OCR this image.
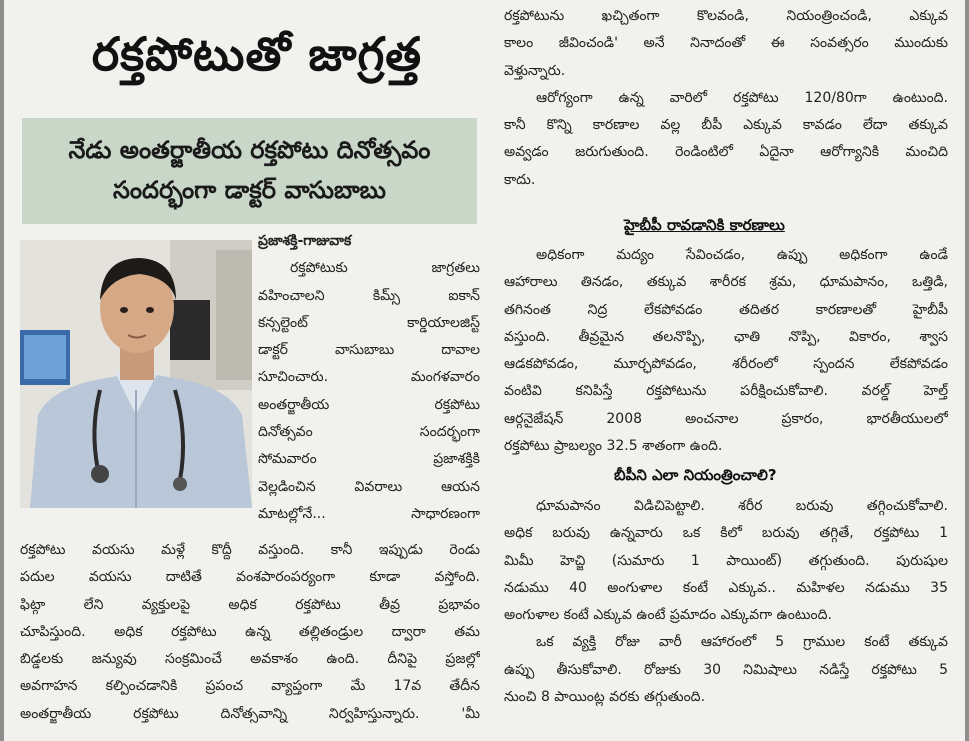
రక్తపోటుతో జాగ్రత్త
నేడు అంతర్జాతీయ రక్తపోటు దినోత్సవం
సందర్భంగా డాక్టర్ వాసుబాబు
ప్రజాశక్తి-గాజువాక
రక్తపోటుకు జాగ్రతలు
వహించాలని కిమ్స్ ఐకాన్
కన్సల్టెంట్ కార్డియాలజిస్ట్
డాక్టర్ వాసుబాబు దావాల
సూచించారు. మంగళవారం
అంతర్జాతీయ రక్తపోటు
దినోత్సవం సందర్భంగా
సోమవారం ప్రజాశక్తికి
వెల్లడించిన వివరాలు ఆయన
మాటల్లోనే... సాధారణంగా
రక్తపోటు వయసు మళ్లే కొద్దీ వస్తుంది. కానీ ఇప్పుడు రెండు
పదుల వయసు దాటితే వంశపారంపర్యంగా కూడా వస్తోంది.
ఫిట్గా లేని వ్యక్తులపై అధిక రక్తపోటు తీవ్ర ప్రభావం
చూపిస్తుంది. అధిక రక్తపోటు ఉన్న తల్లితండ్రుల ద్వారా తమ
బిడ్డలకు జన్యువు సంక్రమించే అవకాశం ఉంది. దీనిపై ప్రజల్లో
అవగాహన కల్పించడానికి ప్రపంచ వ్యాప్తంగా మే 17వ తేదీన
అంతర్జాతీయ రక్తపోటు దినోత్సవాన్ని నిర్వహిస్తున్నారు. 'మీ
రక్తపోటును ఖచ్చితంగా కొలవండి, నియంత్రించండి, ఎక్కువ
కాలం జీవించండి' అనే నినాదంతో ఈ సంవత్సరం ముందుకు
వెళ్తున్నారు.
ఆరోగ్యంగా ఉన్న వారిలో రక్తపోటు 120/80గా ఉంటుంది.
కానీ కొన్ని కారణాల వల్ల బీపీ ఎక్కువ కావడం లేదా తక్కువ
అవ్వడం జరుగుతుంది. రెండింటిలో ఏదైనా ఆరోగ్యానికి మంచిది
కాదు.
హైబీపీ రావడానికి కారణాలు
అధికంగా మద్యం సేవించడం, ఉప్పు అధికంగా ఉండే
ఆహారాలు తినడం, తక్కువ శారీరక శ్రమ, ధూమపానం, ఒత్తిడి,
తగినంత నిద్ర లేకపోవడం తదితర కారణాలతో హైబీపీ
వస్తుంది. తీవ్రమైన తలనొప్పి, ఛాతి నొప్పి, వికారం, శ్వాస
ఆడకపోవడం, మూర్ఛపోవడం, శరీరంలో స్పందన లేకపోవడం
వంటివి కనిపిస్తే రక్తపోటును పరీక్షించుకోవాలి. వరల్డ్ హెల్త్
ఆర్గనైజేషన్ 2008 అంచనాల ప్రకారం, భారతీయులలో
రక్తపోటు ప్రాబల్యం 32.5 శాతంగా ఉంది.
బీపీని ఎలా నియంత్రించాలి?
ధూమపానం విడిచిపెట్టాలి. శరీర బరువు తగ్గించుకోవాలి.
అధిక బరువు ఉన్నవారు ఒక కిలో బరువు తగ్గితే, రక్తపోటు 1
మిమీ హెచ్జి (సుమారు 1 పాయింట్) తగ్గుతుంది. పురుషుల
నడుము 40 అంగుళాల కంటే ఎక్కువ.. మహిళల నడుము 35
అంగుళాల కంటే ఎక్కువ ఉంటే ప్రమాదం ఎక్కువగా ఉంటుంది.
ఒక వ్యక్తి రోజు వారీ ఆహారంలో 5 గ్రాముల కంటే తక్కువ
ఉప్పు తీసుకోవాలి. రోజుకు 30 నిమిషాలు నడిస్తే రక్తపోటు 5
నుంచి 8 పాయింట్ల వరకు తగ్గుతుంది.
